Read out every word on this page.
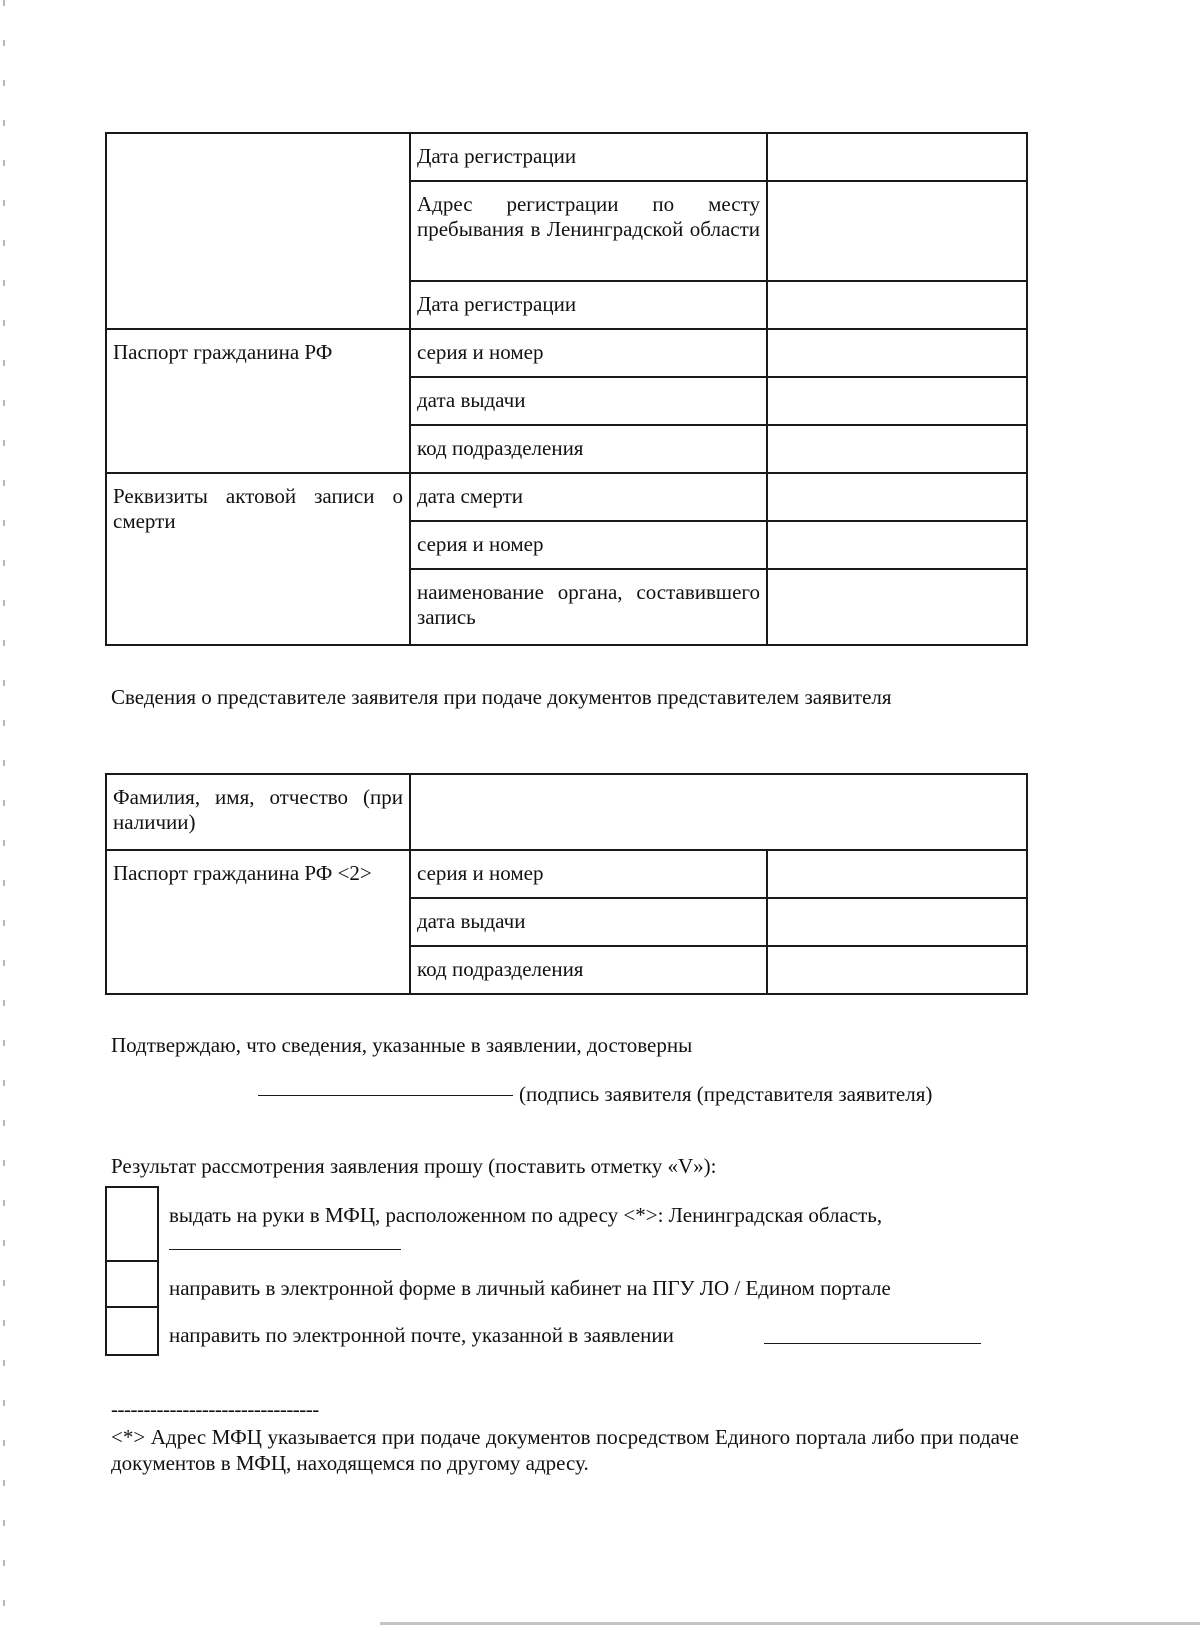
	Дата регистрации	
	Адрес регистрации по месту пребывания в Ленинградской области	
	Дата регистрации	
Паспорт гражданина РФ	серия и номер	
	дата выдачи	
	код подразделения	
Реквизиты актовой записи о смерти	дата смерти	
	серия и номер	
	наименование органа, составившего запись	
Сведения о представителе заявителя при подаче документов представителем заявителя
Фамилия, имя, отчество (при наличии)		
Паспорт гражданина РФ <2>	серия и номер	
	дата выдачи	
	код подразделения	
Подтверждаю, что сведения, указанные в заявлении, достоверны
(подпись заявителя (представителя заявителя)
Результат рассмотрения заявления прошу (поставить отметку «V»):
выдать на руки в МФЦ, расположенном по адресу <*>: Ленинградская область,
направить в электронной форме в личный кабинет на ПГУ ЛО / Едином портале
направить по электронной почте, указанной в заявлении
--------------------------------
<*> Адрес МФЦ указывается при подаче документов посредством Единого портала либо при подаче документов в МФЦ, находящемся по другому адресу.
